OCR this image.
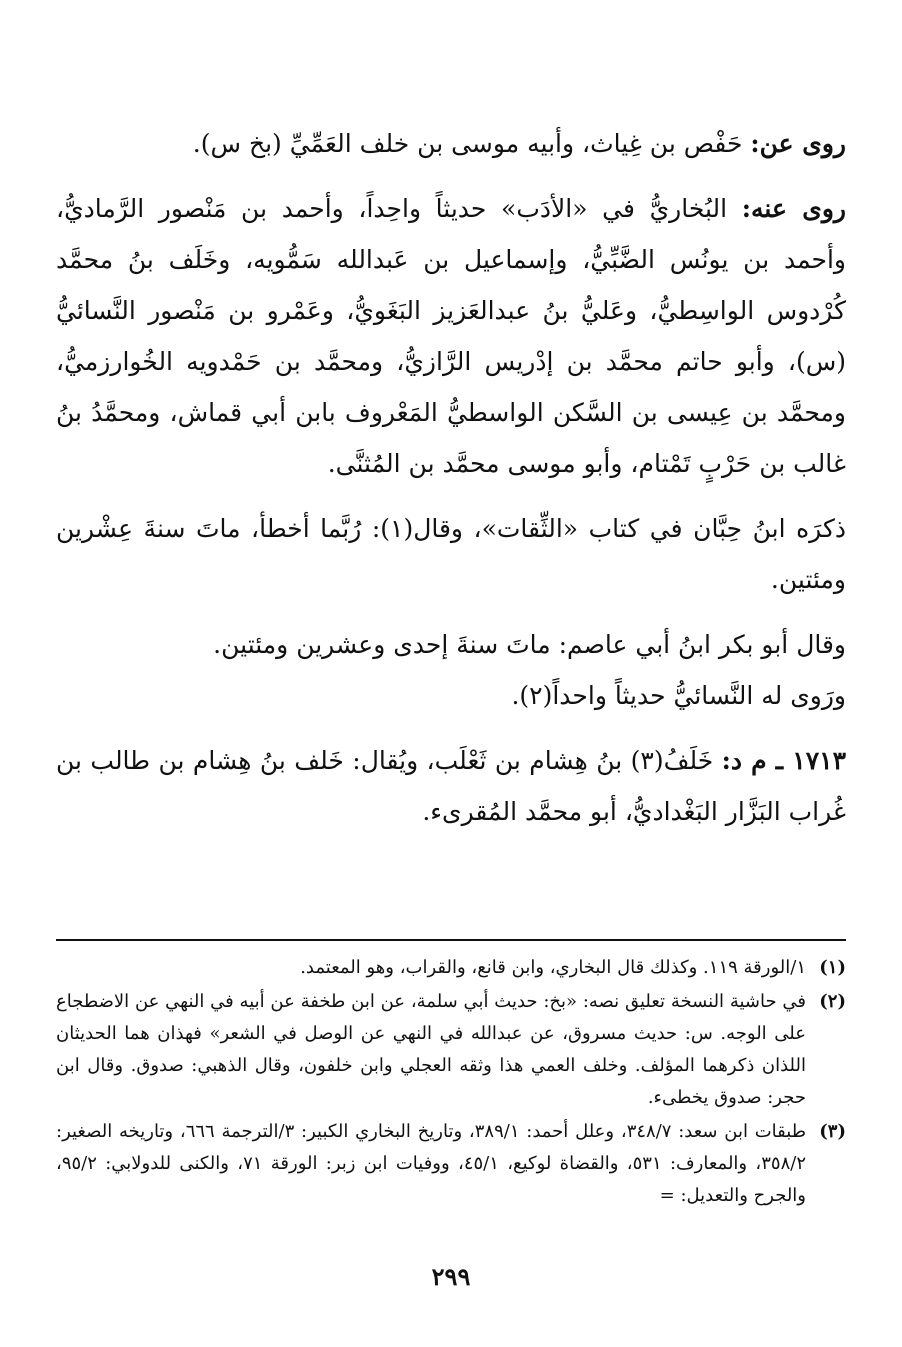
روى عن: حَفْص بن غِياث، وأبيه موسى بن خلف العَمِّيِّ (بخ س).

روى عنه: البُخاريُّ في «الأدَب» حديثاً واحِداً، وأحمد بن مَنْصور الرَّماديُّ، وأحمد بن يونُس الضَّبِّيُّ، وإسماعيل بن عَبدالله سَمُّويه، وخَلَف بنُ محمَّد كُرْدوس الواسِطيُّ، وعَليُّ بنُ عبدالعَزيز البَغَويُّ، وعَمْرو بن مَنْصور النَّسائيُّ (س)، وأبو حاتم محمَّد بن إدْريس الرَّازيُّ، ومحمَّد بن حَمْدويه الخُوارزميُّ، ومحمَّد بن عِيسى بن السَّكن الواسطيُّ المَعْروف بابن أبي قماش، ومحمَّدُ بنُ غالب بن حَرْبٍ تَمْتام، وأبو موسى محمَّد بن المُثنَّى.

ذكرَه ابنُ حِبَّان في كتاب «الثِّقات»، وقال(١): رُبَّما أخطأ، ماتَ سنةَ عِشْرين ومئتين.

وقال أبو بكر ابنُ أبي عاصم: ماتَ سنةَ إحدى وعشرين ومئتين.

ورَوى له النَّسائيُّ حديثاً واحداً(٢).

١٧١٣ ـ م د: خَلَفُ(٣) بنُ هِشام بن ثَعْلَب، ويُقال: خَلف بنُ هِشام بن طالب بن غُراب البَزَّار البَغْداديُّ، أبو محمَّد المُقرىء.

(١)
١/الورقة ١١٩. وكذلك قال البخاري، وابن قانع، والقراب، وهو المعتمد.
(٢)
في حاشية النسخة تعليق نصه: «بخ: حديث أبي سلمة، عن ابن طخفة عن أبيه في النهي عن الاضطجاع على الوجه. س: حديث مسروق، عن عبدالله في النهي عن الوصل في الشعر» فهذان هما الحديثان اللذان ذكرهما المؤلف. وخلف العمي هذا وثقه العجلي وابن خلفون، وقال الذهبي: صدوق. وقال ابن حجر: صدوق يخطىء.
(٣)
طبقات ابن سعد: ٣٤٨/٧، وعلل أحمد: ٣٨٩/١، وتاريخ البخاري الكبير: ٣/الترجمة ٦٦٦، وتاريخه الصغير: ٣٥٨/٢، والمعارف: ٥٣١، والقضاة لوكيع، ٤٥/١، ووفيات ابن زبر: الورقة ٧١، والكنى للدولابي: ٩٥/٢، والجرح والتعديل: =
٢٩٩
